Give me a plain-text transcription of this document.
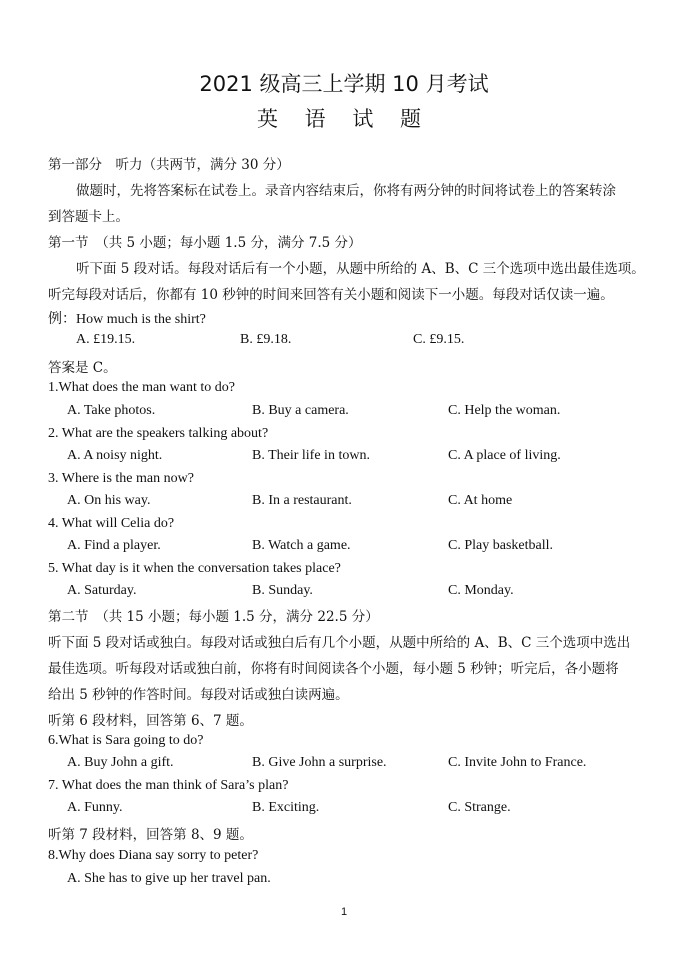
2021 级高三上学期 10 月考试
英 语 试 题
第一部分　听力（共两节，满分 30 分）
做题时，先将答案标在试卷上。录音内容结束后，你将有两分钟的时间将试卷上的答案转涂
到答题卡上。
第一节　（共 5 小题；每小题 1.5 分，满分 7.5 分）
听下面 5 段对话。每段对话后有一个小题，从题中所给的 A、B、C 三个选项中选出最佳选项。
听完每段对话后，你都有 10 秒钟的时间来回答有关小题和阅读下一小题。每段对话仅读一遍。
例：How much is the shirt?
A. £19.15.	B. £9.18.	C. £9.15.
答案是 C。
1.What does the man want to do?
A. Take photos.	B. Buy a camera.	C. Help the woman.
2. What are the speakers talking about?
A. A noisy night.	B. Their life in town.	C. A place of living.
3. Where is the man now?
A. On his way.	B. In a restaurant.	C. At home
4. What will Celia do?
A. Find a player.	B. Watch a game.	C. Play basketball.
5. What day is it when the conversation takes place?
A. Saturday.	B. Sunday.	C. Monday.
第二节　（共 15 小题；每小题 1.5 分，满分 22.5 分）
听下面 5 段对话或独白。每段对话或独白后有几个小题，从题中所给的 A、B、C 三个选项中选出
最佳选项。听每段对话或独白前，你将有时间阅读各个小题，每小题 5 秒钟；听完后，各小题将
给出 5 秒钟的作答时间。每段对话或独白读两遍。
听第 6 段材料，回答第 6、7 题。
6.What is Sara going to do?
A. Buy John a gift.	B. Give John a surprise.	C. Invite John to France.
7. What does the man think of Sara’s plan?
A. Funny.	B. Exciting.	C. Strange.
听第 7 段材料，回答第 8、9 题。
8.Why does Diana say sorry to peter?
A. She has to give up her travel pan.
1
